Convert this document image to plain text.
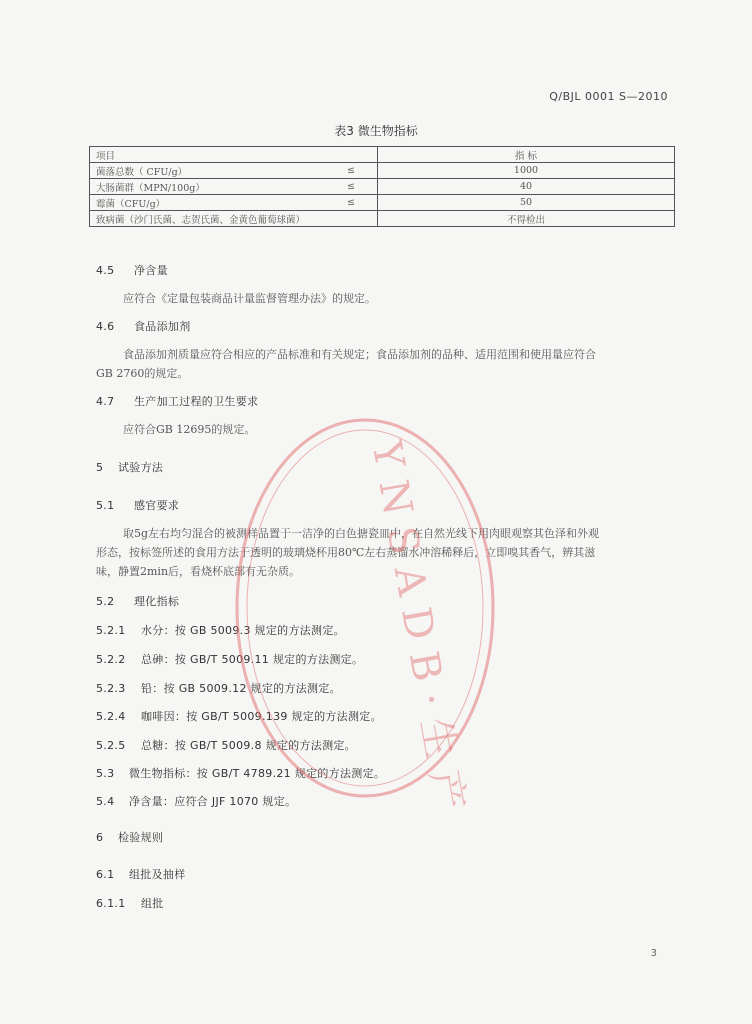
Q/BJL 0001 S—2010
表3 微生物指标
项目		指 标
菌落总数（ CFU/g）	≤	1000
大肠菌群（MPN/100g）	≤	40
霉菌（CFU/g）	≤	50
致病菌（沙门氏菌、志贺氏菌、金黄色葡萄球菌）		不得检出
4.5 净含量
应符合《定量包装商品计量监督管理办法》的规定。
4.6 食品添加剂
食品添加剂质量应符合相应的产品标准和有关规定；食品添加剂的品种、适用范围和使用量应符合
GB 2760的规定。
4.7 生产加工过程的卫生要求
应符合GB 12695的规定。
5 试验方法
5.1 感官要求
取5g左右均匀混合的被测样品置于一洁净的白色搪瓷皿中，在自然光线下用肉眼观察其色泽和外观
形态，按标签所述的食用方法于透明的玻璃烧杯用80℃左右蒸馏水冲溶稀释后，立即嗅其香气，辨其滋
味，静置2min后，看烧杯底部有无杂质。
5.2 理化指标
5.2.1 水分：按 GB 5009.3 规定的方法测定。
5.2.2 总砷：按 GB/T 5009.11 规定的方法测定。
5.2.3 铅：按 GB 5009.12 规定的方法测定。
5.2.4 咖啡因：按 GB/T 5009.139 规定的方法测定。
5.2.5 总糖：按 GB/T 5009.8 规定的方法测定。
5.3 微生物指标：按 GB/T 4789.21 规定的方法测定。
5.4 净含量：应符合 JJF 1070 规定。
6 检验规则
6.1 组批及抽样
6.1.1 组批
3
Y N S A D B · 生 产
